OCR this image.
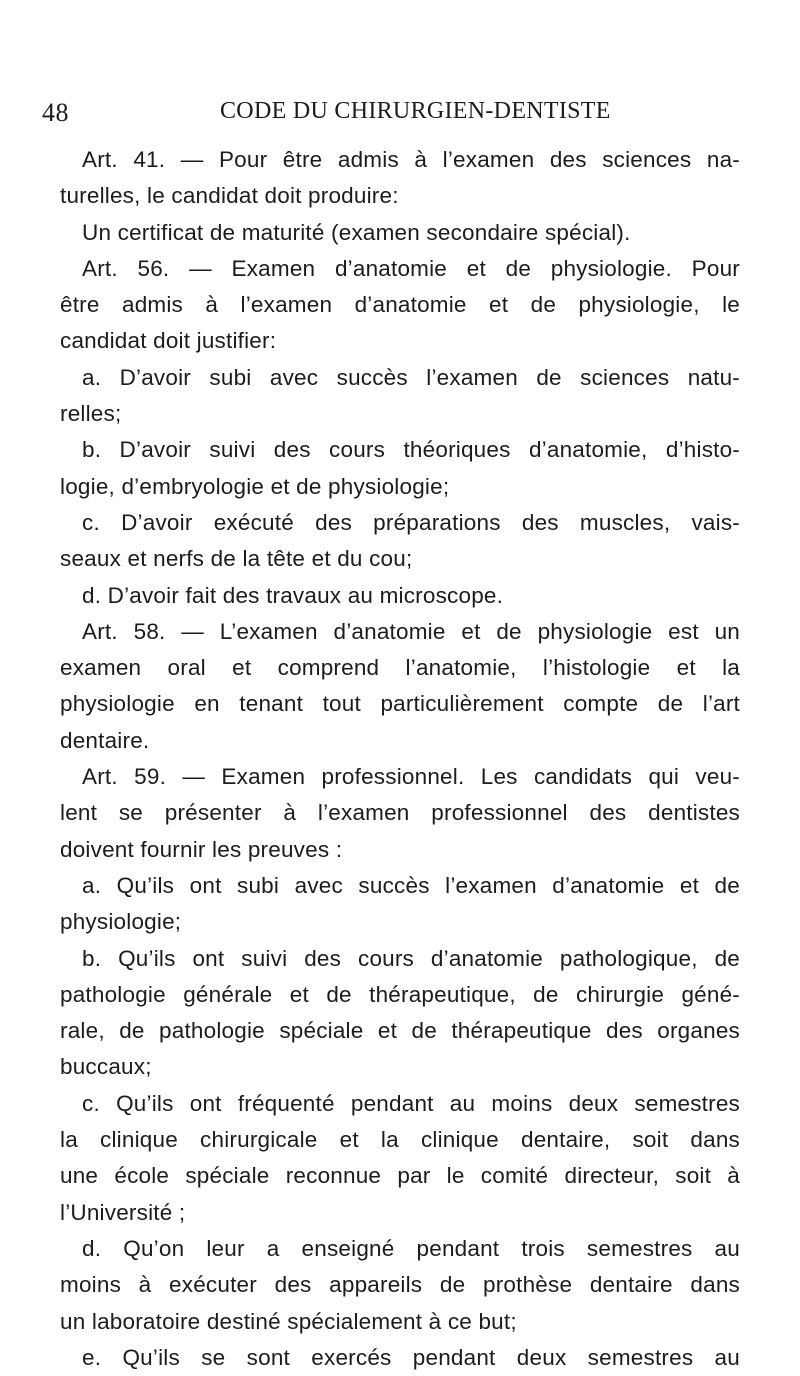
48	CODE DU CHIRURGIEN-DENTISTE
Art. 41. — Pour être admis à l’examen des sciences na-
turelles, le candidat doit produire:
Un certificat de maturité (examen secondaire spécial).
Art. 56. — Examen d’anatomie et de physiologie. Pour
être admis à l’examen d’anatomie et de physiologie, le
candidat doit justifier:
a. D’avoir subi avec succès l’examen de sciences natu-
relles;
b. D’avoir suivi des cours théoriques d’anatomie, d’histo-
logie, d’embryologie et de physiologie;
c. D’avoir exécuté des préparations des muscles, vais-
seaux et nerfs de la tête et du cou;
d. D’avoir fait des travaux au microscope.
Art. 58. — L’examen d’anatomie et de physiologie est un
examen oral et comprend l’anatomie, l’histologie et la
physiologie en tenant tout particulièrement compte de l’art
dentaire.
Art. 59. — Examen professionnel. Les candidats qui veu-
lent se présenter à l’examen professionnel des dentistes
doivent fournir les preuves :
a. Qu’ils ont subi avec succès l’examen d’anatomie et de
physiologie;
b. Qu’ils ont suivi des cours d’anatomie pathologique, de
pathologie générale et de thérapeutique, de chirurgie géné-
rale, de pathologie spéciale et de thérapeutique des organes
buccaux;
c. Qu’ils ont fréquenté pendant au moins deux semestres
la clinique chirurgicale et la clinique dentaire, soit dans
une école spéciale reconnue par le comité directeur, soit à
l’Université ;
d. Qu’on leur a enseigné pendant trois semestres au
moins à exécuter des appareils de prothèse dentaire dans
un laboratoire destiné spécialement à ce but;
e. Qu’ils se sont exercés pendant deux semestres au
